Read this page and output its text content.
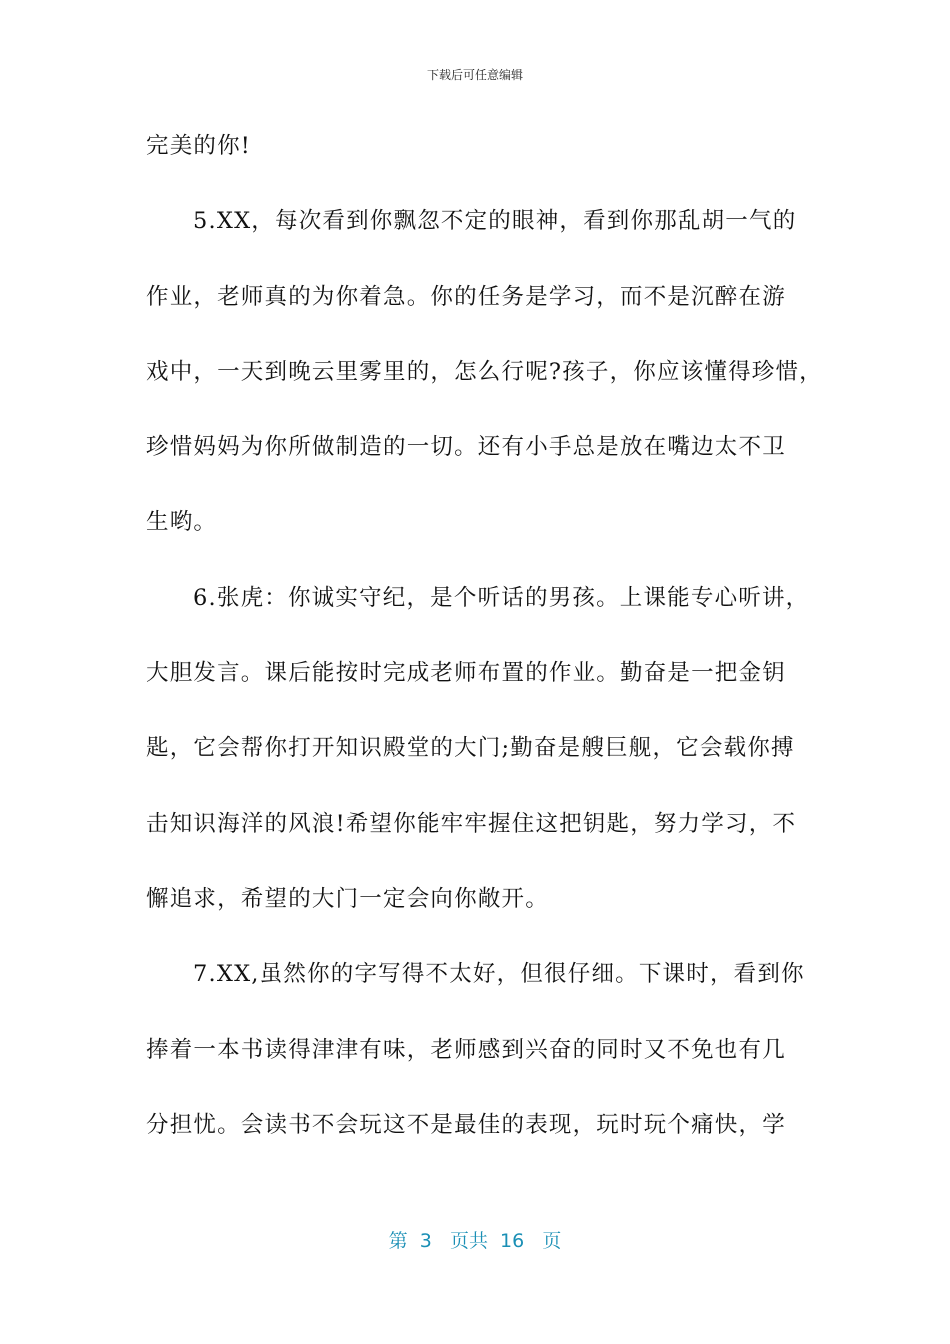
下载后可任意编辑
完美的你!
5.XX，每次看到你飘忽不定的眼神，看到你那乱胡一气的
作业，老师真的为你着急。你的任务是学习，而不是沉醉在游
戏中，一天到晚云里雾里的，怎么行呢?孩子，你应该懂得珍惜，
珍惜妈妈为你所做制造的一切。还有小手总是放在嘴边太不卫
生哟。
6.张虎：你诚实守纪，是个听话的男孩。上课能专心听讲，
大胆发言。课后能按时完成老师布置的作业。勤奋是一把金钥
匙，它会帮你打开知识殿堂的大门;勤奋是艘巨舰，它会载你搏
击知识海洋的风浪!希望你能牢牢握住这把钥匙，努力学习，不
懈追求，希望的大门一定会向你敞开。
7.XX,虽然你的字写得不太好，但很仔细。下课时，看到你
捧着一本书读得津津有味，老师感到兴奋的同时又不免也有几
分担忧。会读书不会玩这不是最佳的表现，玩时玩个痛快，学
第 3 页共 16 页
